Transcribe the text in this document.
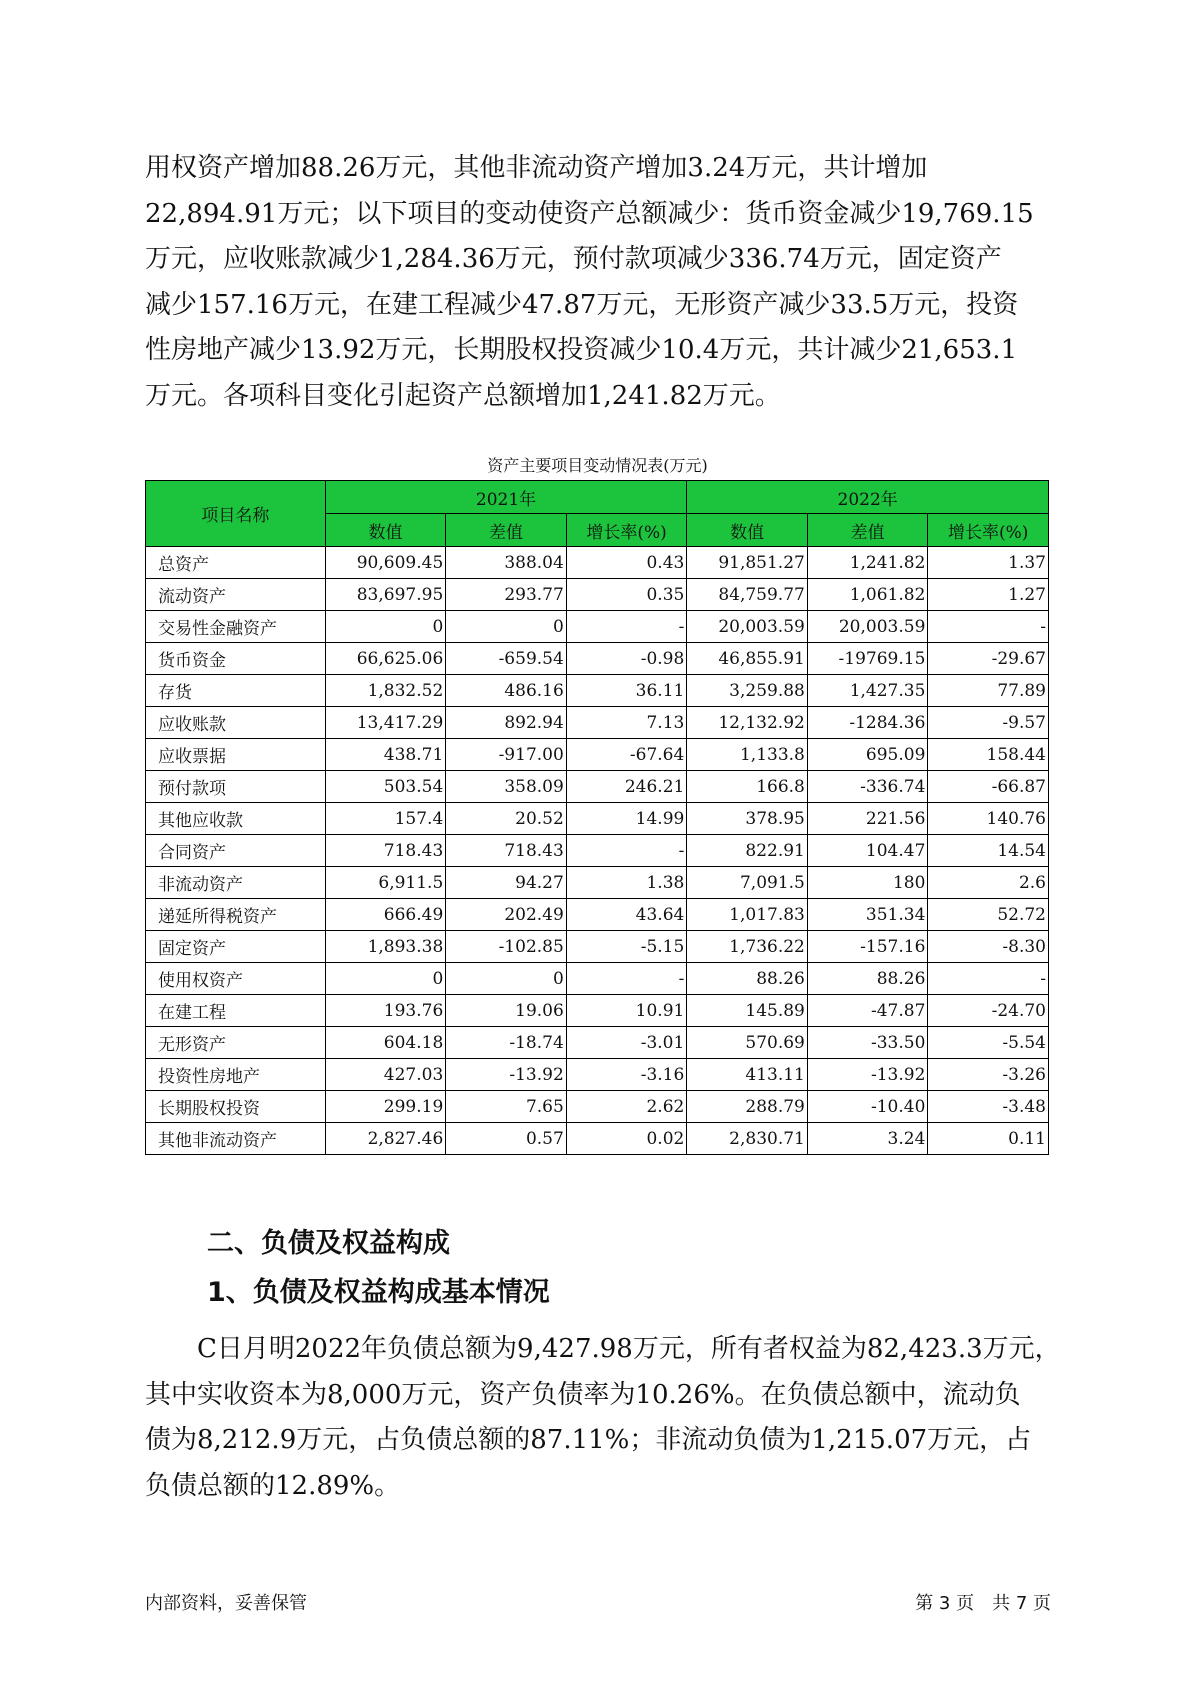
用权资产增加88.26万元，其他非流动资产增加3.24万元，共计增加
22,894.91万元；以下项目的变动使资产总额减少：货币资金减少19,769.15
万元，应收账款减少1,284.36万元，预付款项减少336.74万元，固定资产
减少157.16万元，在建工程减少47.87万元，无形资产减少33.5万元，投资
性房地产减少13.92万元，长期股权投资减少10.4万元，共计减少21,653.1
万元。各项科目变化引起资产总额增加1,241.82万元。
资产主要项目变动情况表(万元)
项目名称	2021年			2022年		
	数值	差值	增长率(%)	数值	差值	增长率(%)
总资产	90,609.45	388.04	0.43	91,851.27	1,241.82	1.37
流动资产	83,697.95	293.77	0.35	84,759.77	1,061.82	1.27
交易性金融资产	0	0	-	20,003.59	20,003.59	-
货币资金	66,625.06	-659.54	-0.98	46,855.91	-19769.15	-29.67
存货	1,832.52	486.16	36.11	3,259.88	1,427.35	77.89
应收账款	13,417.29	892.94	7.13	12,132.92	-1284.36	-9.57
应收票据	438.71	-917.00	-67.64	1,133.8	695.09	158.44
预付款项	503.54	358.09	246.21	166.8	-336.74	-66.87
其他应收款	157.4	20.52	14.99	378.95	221.56	140.76
合同资产	718.43	718.43	-	822.91	104.47	14.54
非流动资产	6,911.5	94.27	1.38	7,091.5	180	2.6
递延所得税资产	666.49	202.49	43.64	1,017.83	351.34	52.72
固定资产	1,893.38	-102.85	-5.15	1,736.22	-157.16	-8.30
使用权资产	0	0	-	88.26	88.26	-
在建工程	193.76	19.06	10.91	145.89	-47.87	-24.70
无形资产	604.18	-18.74	-3.01	570.69	-33.50	-5.54
投资性房地产	427.03	-13.92	-3.16	413.11	-13.92	-3.26
长期股权投资	299.19	7.65	2.62	288.79	-10.40	-3.48
其他非流动资产	2,827.46	0.57	0.02	2,830.71	3.24	0.11
二、负债及权益构成
1、负债及权益构成基本情况
　　C日月明2022年负债总额为9,427.98万元，所有者权益为82,423.3万元，
其中实收资本为8,000万元，资产负债率为10.26%。在负债总额中，流动负
债为8,212.9万元，占负债总额的87.11%；非流动负债为1,215.07万元，占
负债总额的12.89%。
内部资料，妥善保管	第 3 页　共 7 页
